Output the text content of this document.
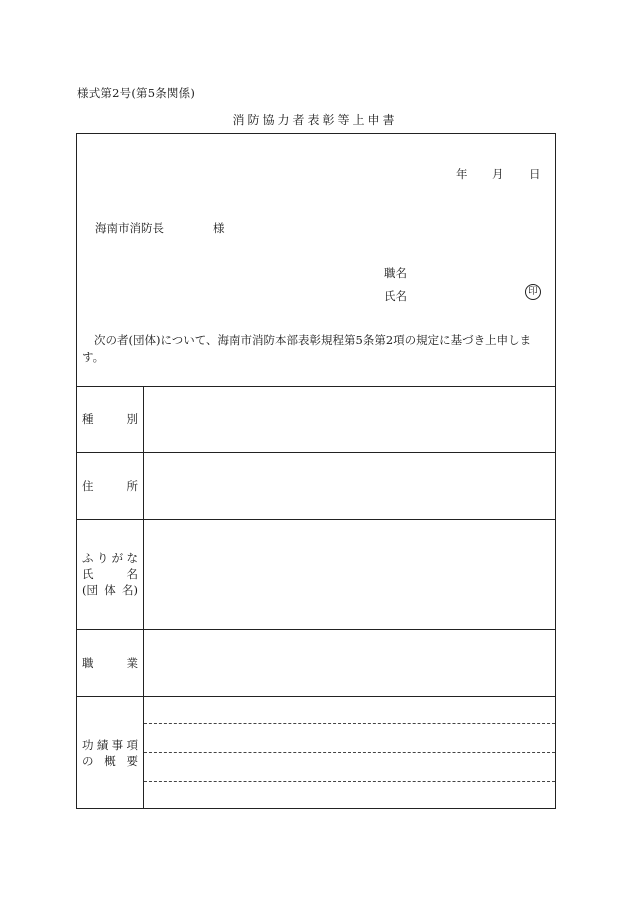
様式第2号(第5条関係)
消防協力者表彰等上申書
年 月 日
海南市消防長	様
職名
氏名	印
次の者(団体)について、海南市消防本部表彰規程第5条第2項の規定に基づき上申します。
種	別
住	所
ふ り が な
氏	名
(団 体 名)
職	業
功 績 事 項
の 概 要
